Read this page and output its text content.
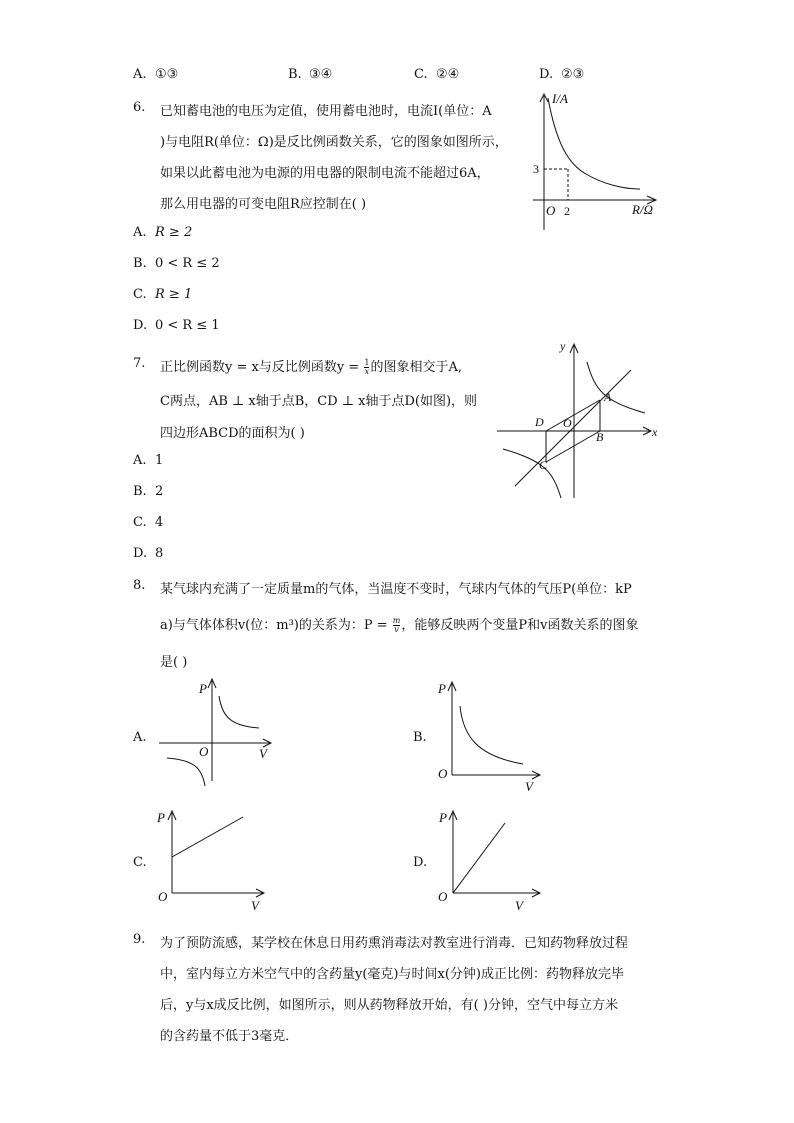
A. ①③	B. ③④	C. ②④	D. ②③
6. 已知蓄电池的电压为定值，使用蓄电池时，电流I(单位：A
)与电阻R(单位：Ω)是反比例函数关系，它的图象如图所示，
如果以此蓄电池为电源的用电器的限制电流不能超过6A，
那么用电器的可变电阻R应控制在( )
I/A
R/Ω
O 2
3
A. R ≥ 2
B. 0 < R ≤ 2
C. R ≥ 1
D. 0 < R ≤ 1
7. 正比例函数y = x与反比例函数$y = \frac{1}{x}$ 的图象相交于A,
C两点，AB ⊥ x轴于点B，CD ⊥ x轴于点D(如图)，则
四边形ABCD的面积为( )
A
B
C
D O
x
y
A. 1
B. 2
C. 4
D. 8
8. 某气球内充满了一定质量m的气体，当温度不变时，气球内气体的气压P(单位：kP
a)与气体体积v(位：m³)的关系为：$P = \frac{m}{v}$ ，能够反映两个变量P和v函数关系的图象
是( )
A.
P
O	V
B.
P
O
V
C.
P
O
V
D.
P
O
V
9. 为了预防流感，某学校在休息日用药熏消毒法对教室进行消毒．已知药物释放过程
中，室内每立方米空气中的含药量y(毫克)与时间x(分钟)成正比例：药物释放完毕
后，y与x成反比例，如图所示，则从药物释放开始，有( )分钟，空气中每立方米
的含药量不低于3毫克．
